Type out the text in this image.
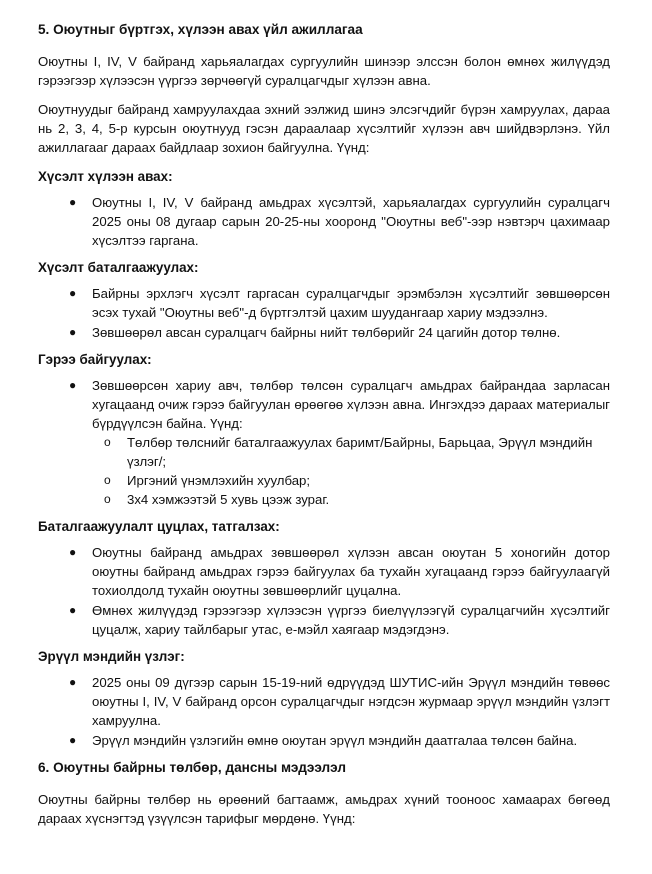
5. Оюутныг бүртгэх, хүлээн авах үйл ажиллагаа

Оюутны I, IV, V байранд харьяалагдах сургуулийн шинээр элссэн болон өмнөх жилүүдэд гэрээгээр хүлээсэн үүргээ зөрчөөгүй суралцагчдыг хүлээн авна.

Оюутнуудыг байранд хамруулахдаа эхний ээлжид шинэ элсэгчдийг бүрэн хамруулах, дараа нь 2, 3, 4, 5-р курсын оюутнууд гэсэн дараалаар хүсэлтийг хүлээн авч шийдвэрлэнэ. Үйл ажиллагааг дараах байдлаар зохион байгуулна. Үүнд:

Хүсэлт хүлээн авах:
● Оюутны I, IV, V байранд амьдрах хүсэлтэй, харьяалагдах сургуулийн суралцагч 2025 оны 08 дугаар сарын 20-25-ны хооронд "Оюутны веб"-ээр нэвтэрч цахимаар хүсэлтээ гаргана.
Хүсэлт баталгаажуулах:
● Байрны эрхлэгч хүсэлт гаргасан суралцагчдыг эрэмбэлэн хүсэлтийг зөвшөөрсөн эсэх тухай "Оюутны веб"-д бүртгэлтэй цахим шуудангаар хариу мэдээлнэ.
● Зөвшөөрөл авсан суралцагч байрны нийт төлбөрийг 24 цагийн дотор төлнө.
Гэрээ байгуулах:
● Зөвшөөрсөн хариу авч, төлбөр төлсөн суралцагч амьдрах байрандаа зарласан хугацаанд очиж гэрээ байгуулан өрөөгөө хүлээн авна. Ингэхдээ дараах материалыг бүрдүүлсэн байна. Үүнд:
o Төлбөр төлснийг баталгаажуулах баримт/Байрны, Барьцаа, Эрүүл мэндийн үзлэг/;
o Иргэний үнэмлэхийн хуулбар;
o 3х4 хэмжээтэй 5 хувь цээж зураг.
Баталгаажуулалт цуцлах, татгалзах:
● Оюутны байранд амьдрах зөвшөөрөл хүлээн авсан оюутан 5 хоногийн дотор оюутны байранд амьдрах гэрээ байгуулах ба тухайн хугацаанд гэрээ байгуулаагүй тохиолдолд тухайн оюутны зөвшөөрлийг цуцална.
● Өмнөх жилүүдэд гэрээгээр хүлээсэн үүргээ биелүүлээгүй суралцагчийн хүсэлтийг цуцалж, хариу тайлбарыг утас, е-мэйл хаягаар мэдэгдэнэ.
Эрүүл мэндийн үзлэг:
● 2025 оны 09 дүгээр сарын 15-19-ний өдрүүдэд ШУТИС-ийн Эрүүл мэндийн төвөөс оюутны I, IV, V байранд орсон суралцагчдыг нэгдсэн журмаар эрүүл мэндийн үзлэгт хамруулна.
● Эрүүл мэндийн үзлэгийн өмнө оюутан эрүүл мэндийн даатгалаа төлсөн байна.
6. Оюутны байрны төлбөр, дансны мэдээлэл

Оюутны байрны төлбөр нь өрөөний багтаамж, амьдрах хүний тооноос хамаарах бөгөөд дараах хүснэгтэд үзүүлсэн тарифыг мөрдөнө. Үүнд:
